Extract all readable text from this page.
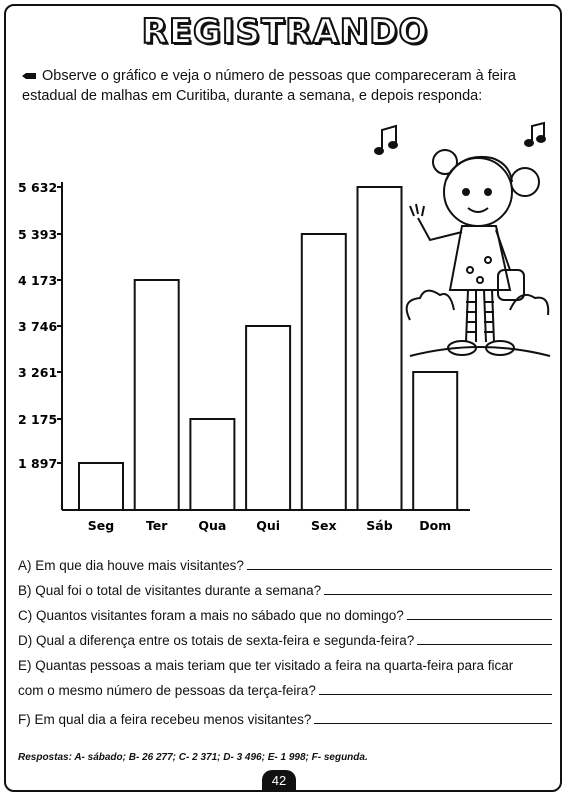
REGISTRANDO
Observe o gráfico e veja o número de pessoas que compareceram à feira estadual de malhas em Curitiba, durante a semana, e depois responda:
1 897
2 175
3 261
3 746
4 173
5 393
5 632
Seg	Ter Qua Qui Sex Sáb Dom
A) Em que dia houve mais visitantes?
B) Qual foi o total de visitantes durante a semana?
C) Quantos visitantes foram a mais no sábado que no domingo?
D) Qual a diferença entre os totais de sexta-feira e segunda-feira?
E) Quantas pessoas a mais teriam que ter visitado a feira na quarta-feira para ficar
com o mesmo número de pessoas da terça-feira?
F) Em qual dia a feira recebeu menos visitantes?
Respostas: A- sábado; B- 26 277; C- 2 371; D- 3 496; E- 1 998; F- segunda.
42
